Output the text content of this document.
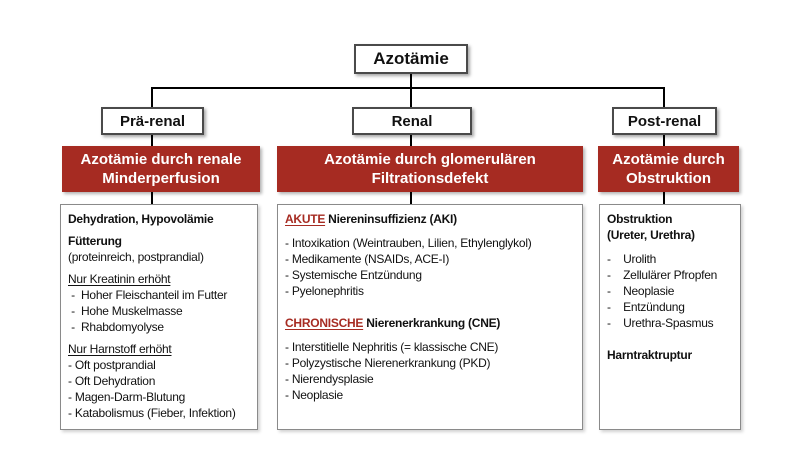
Azotämie
Prä-renal	Renal	Post-renal
Azotämie durch renale Minderperfusion
Azotämie durch glomerulären Filtrationsdefekt
Azotämie durch Obstruktion
Dehydration, Hypovolämie
Fütterung
(proteinreich, postprandial)
Nur Kreatinin erhöht
-  Hoher Fleischanteil im Futter
-  Hohe Muskelmasse
-  Rhabdomyolyse
Nur Harnstoff erhöht
- Oft postprandial
- Oft Dehydration
- Magen-Darm-Blutung
- Katabolismus (Fieber, Infektion)
AKUTE Niereninsuffizienz (AKI)
- Intoxikation (Weintrauben, Lilien, Ethylenglykol)
- Medikamente (NSAIDs, ACE-I)
- Systemische Entzündung
- Pyelonephritis
CHRONISCHE Nierenerkrankung (CNE)
- Interstitielle Nephritis (= klassische CNE)
- Polyzystische Nierenerkrankung (PKD)
- Nierendysplasie
- Neoplasie
Obstruktion
(Ureter, Urethra)
-    Urolith
-    Zellulärer Pfropfen
-    Neoplasie
-    Entzündung
-    Urethra-Spasmus
Harntraktruptur
